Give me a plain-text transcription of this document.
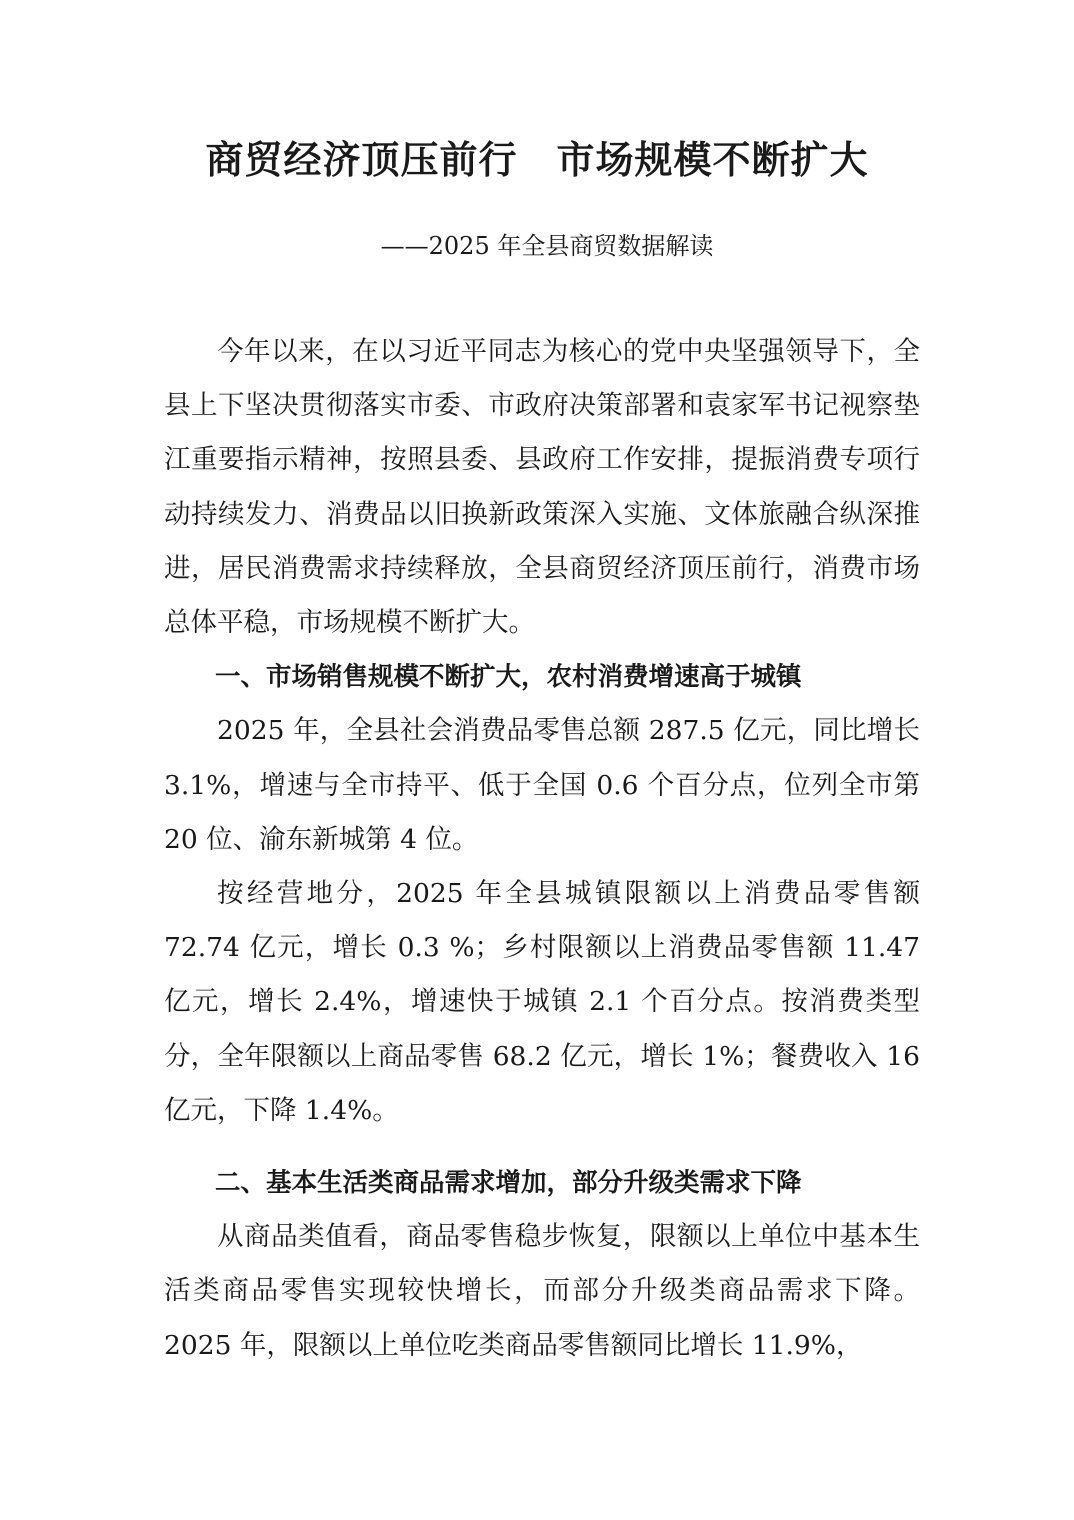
商贸经济顶压前行　市场规模不断扩大
——2025 年全县商贸数据解读

今年以来，在以习近平同志为核心的党中央坚强领导下，全县上下坚决贯彻落实市委、市政府决策部署和袁家军书记视察垫江重要指示精神，按照县委、县政府工作安排，提振消费专项行动持续发力、消费品以旧换新政策深入实施、文体旅融合纵深推进，居民消费需求持续释放，全县商贸经济顶压前行，消费市场总体平稳，市场规模不断扩大。

一、市场销售规模不断扩大，农村消费增速高于城镇

2025 年，全县社会消费品零售总额 287.5 亿元，同比增长 3.1%，增速与全市持平、低于全国 0.6 个百分点，位列全市第 20 位、渝东新城第 4 位。

按经营地分，2025 年全县城镇限额以上消费品零售额 72.74 亿元，增长 0.3 %；乡村限额以上消费品零售额 11.47 亿元，增长 2.4%，增速快于城镇 2.1 个百分点。按消费类型分，全年限额以上商品零售 68.2 亿元，增长 1%；餐费收入 16 亿元，下降 1.4%。

二、基本生活类商品需求增加，部分升级类需求下降

从商品类值看，商品零售稳步恢复，限额以上单位中基本生活类商品零售实现较快增长，而部分升级类商品需求下降。2025 年，限额以上单位吃类商品零售额同比增长 11.9%，
